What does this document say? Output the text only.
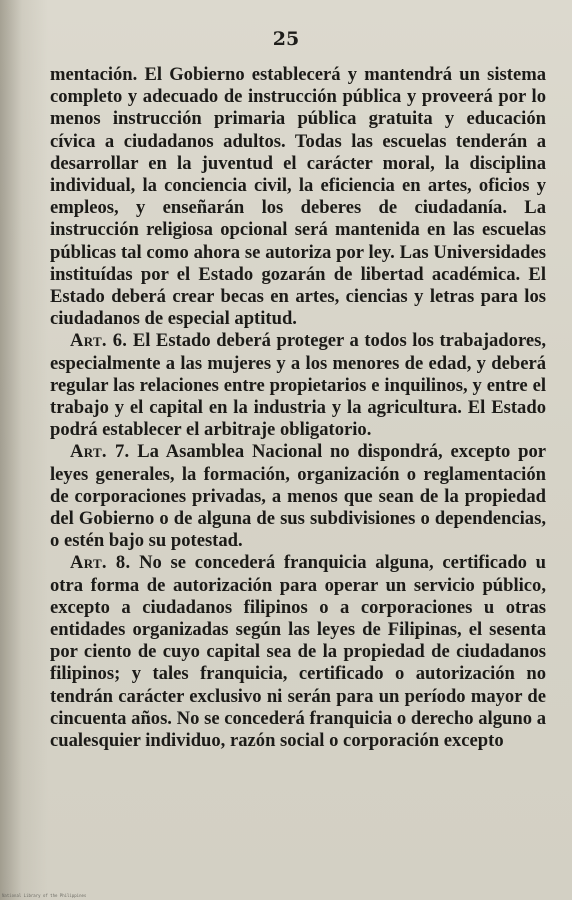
25

mentación. El Gobierno establecerá y mantendrá un sistema completo y adecuado de instrucción pública y proveerá por lo menos instrucción primaria pública gratuita y educación cívica a ciudadanos adultos. Todas las escuelas tenderán a desarrollar en la juventud el carácter moral, la disciplina individual, la conciencia civil, la eficiencia en artes, oficios y empleos, y enseñarán los deberes de ciudadanía. La instrucción religiosa opcional será mantenida en las escuelas públicas tal como ahora se autoriza por ley. Las Universidades instituídas por el Estado gozarán de libertad académica. El Estado deberá crear becas en artes, ciencias y letras para los ciudadanos de especial aptitud.

Art. 6. El Estado deberá proteger a todos los trabajadores, especialmente a las mujeres y a los menores de edad, y deberá regular las relaciones entre propietarios e inquilinos, y entre el trabajo y el capital en la industria y la agricultura. El Estado podrá establecer el arbitraje obligatorio.

Art. 7. La Asamblea Nacional no dispondrá, excepto por leyes generales, la formación, organización o reglamentación de corporaciones privadas, a menos que sean de la propiedad del Gobierno o de alguna de sus subdivisiones o dependencias, o estén bajo su potestad.

Art. 8. No se concederá franquicia alguna, certificado u otra forma de autorización para operar un servicio público, excepto a ciudadanos filipinos o a corporaciones u otras entidades organizadas según las leyes de Filipinas, el sesenta por ciento de cuyo capital sea de la propiedad de ciudadanos filipinos; y tales franquicia, certificado o autorización no tendrán carácter exclusivo ni serán para un período mayor de cincuenta años. No se concederá franquicia o derecho alguno a cualesquier individuo, razón social o corporación excepto

National Library of the Philippines
